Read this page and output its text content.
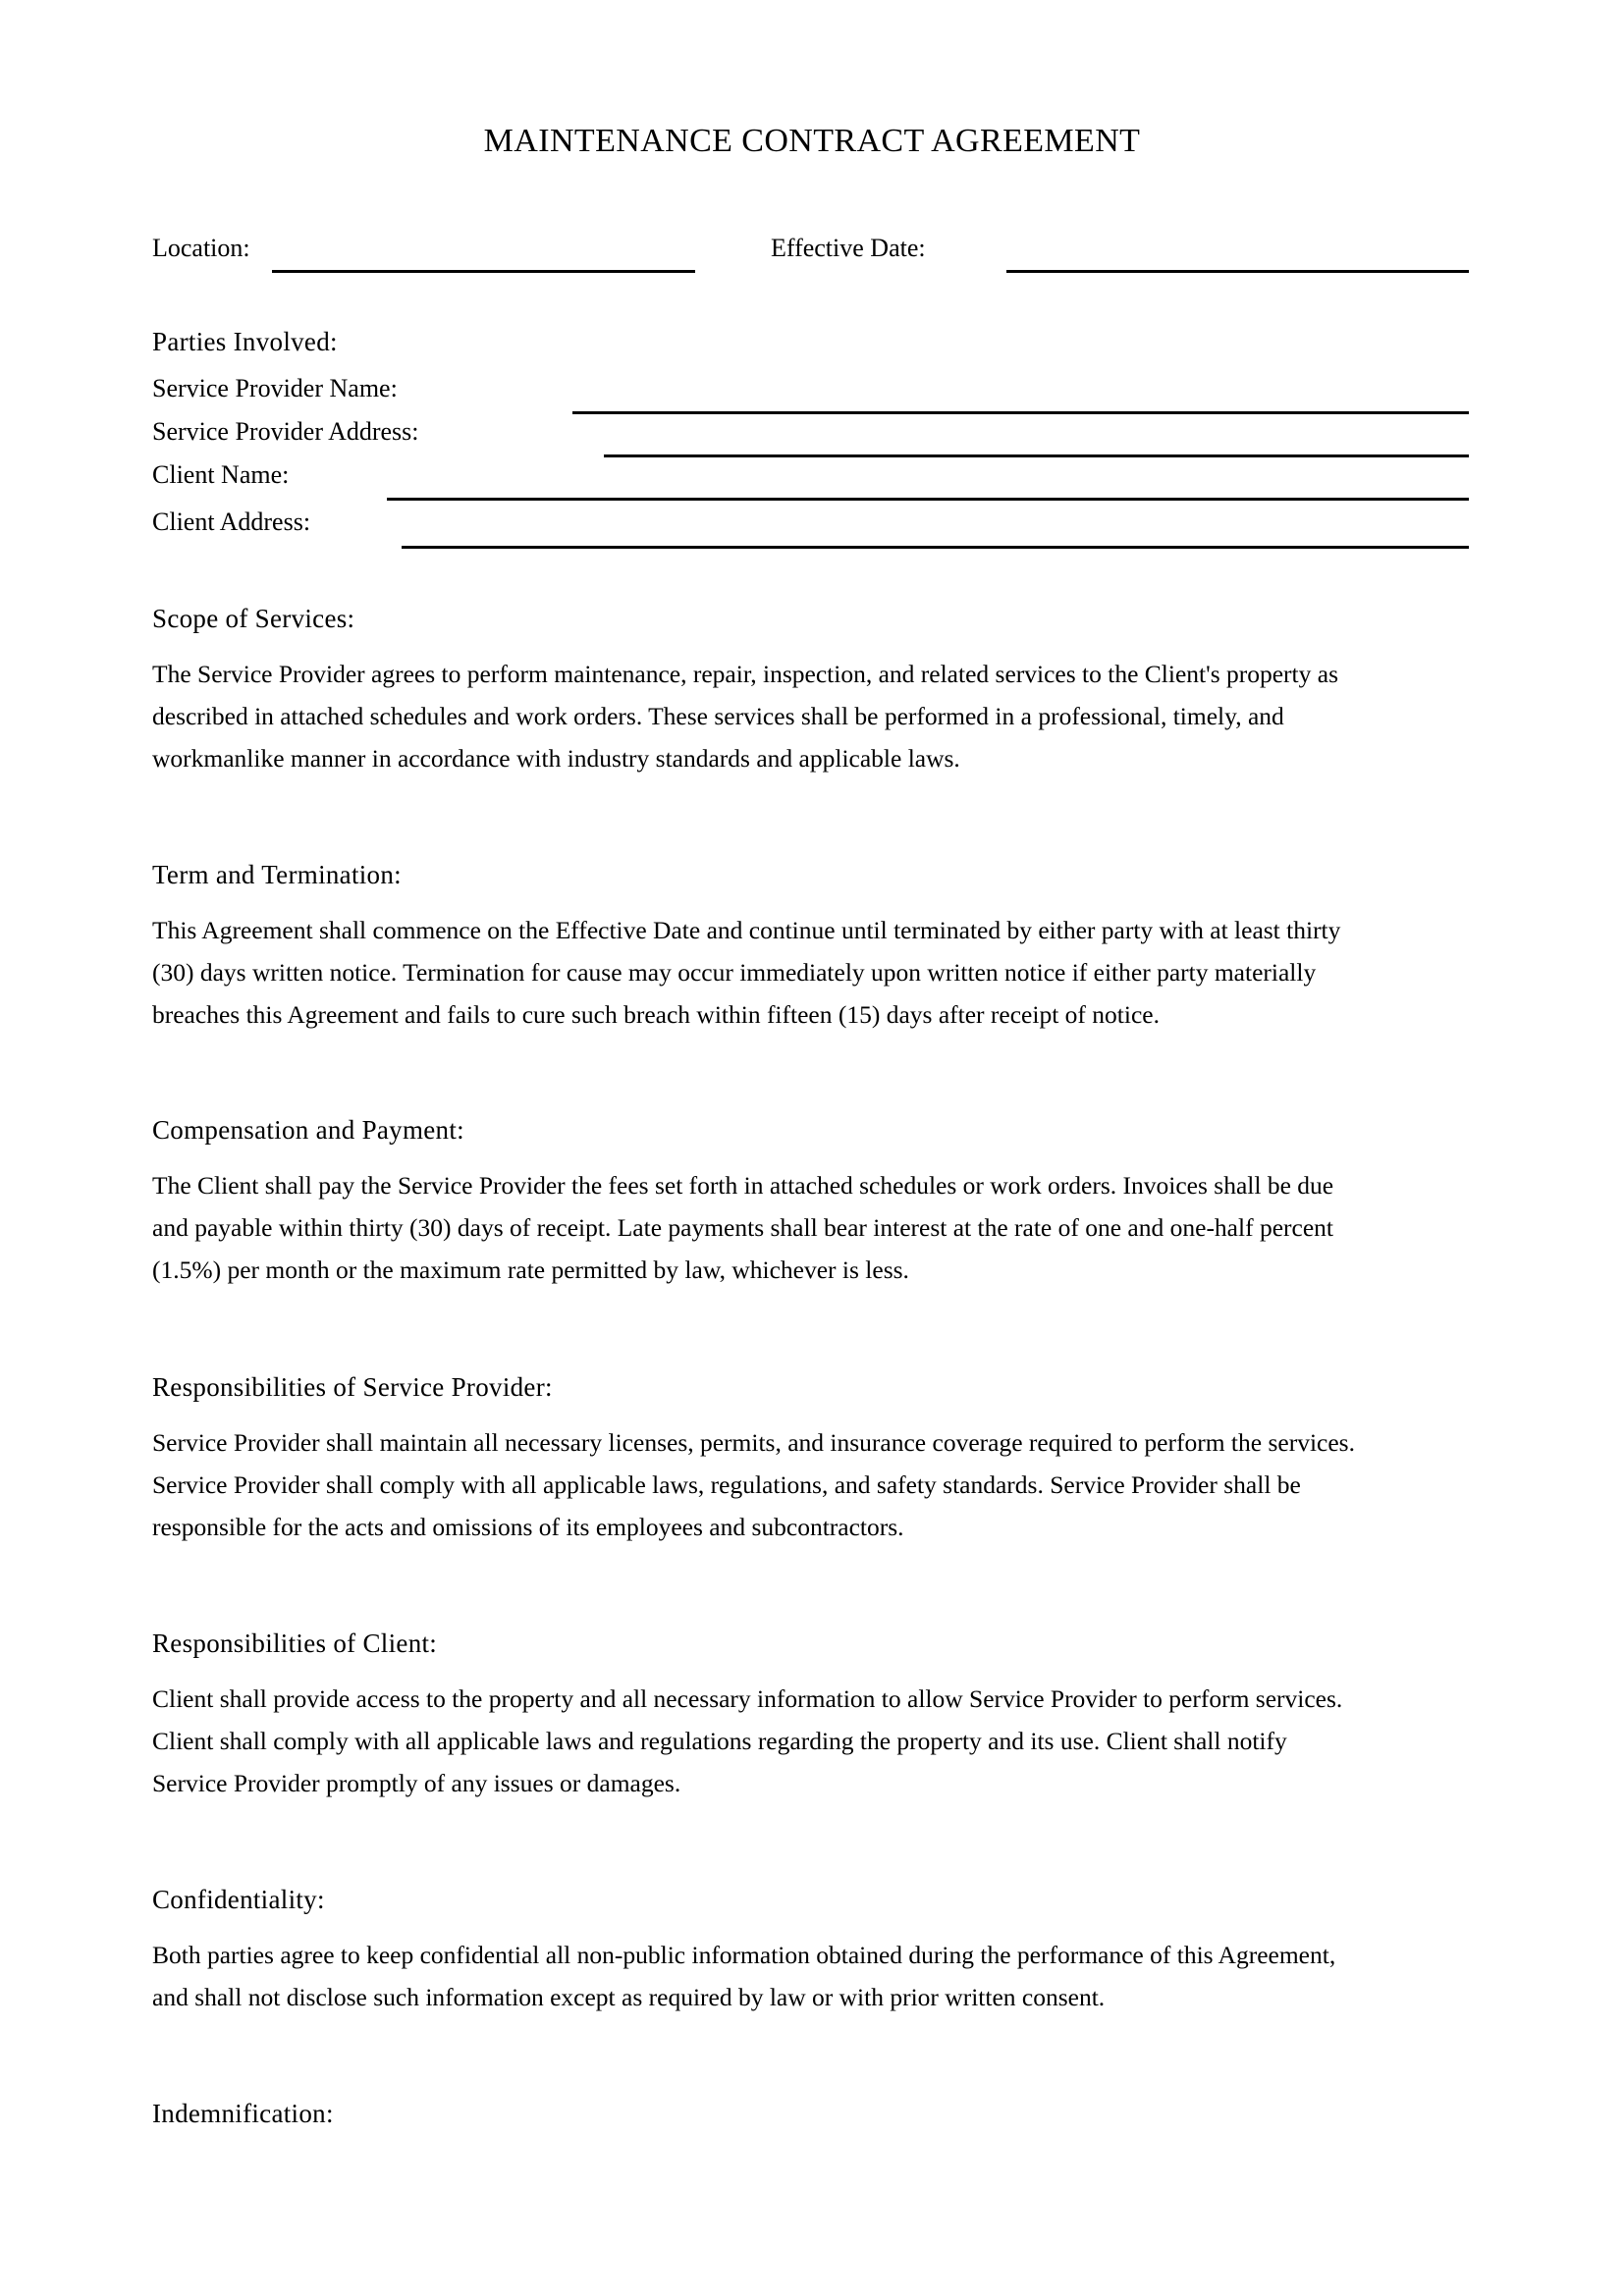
MAINTENANCE CONTRACT AGREEMENT
Location:	Effective Date:
Parties Involved:
Service Provider Name:
Service Provider Address:
Client Name:
Client Address:
Scope of Services:
The Service Provider agrees to perform maintenance, repair, inspection, and related services to the Client's property as
described in attached schedules and work orders. These services shall be performed in a professional, timely, and
workmanlike manner in accordance with industry standards and applicable laws.
Term and Termination:
This Agreement shall commence on the Effective Date and continue until terminated by either party with at least thirty
(30) days written notice. Termination for cause may occur immediately upon written notice if either party materially
breaches this Agreement and fails to cure such breach within fifteen (15) days after receipt of notice.
Compensation and Payment:
The Client shall pay the Service Provider the fees set forth in attached schedules or work orders. Invoices shall be due
and payable within thirty (30) days of receipt. Late payments shall bear interest at the rate of one and one-half percent
(1.5%) per month or the maximum rate permitted by law, whichever is less.
Responsibilities of Service Provider:
Service Provider shall maintain all necessary licenses, permits, and insurance coverage required to perform the services.
Service Provider shall comply with all applicable laws, regulations, and safety standards. Service Provider shall be
responsible for the acts and omissions of its employees and subcontractors.
Responsibilities of Client:
Client shall provide access to the property and all necessary information to allow Service Provider to perform services.
Client shall comply with all applicable laws and regulations regarding the property and its use. Client shall notify
Service Provider promptly of any issues or damages.
Confidentiality:
Both parties agree to keep confidential all non-public information obtained during the performance of this Agreement,
and shall not disclose such information except as required by law or with prior written consent.
Indemnification:
